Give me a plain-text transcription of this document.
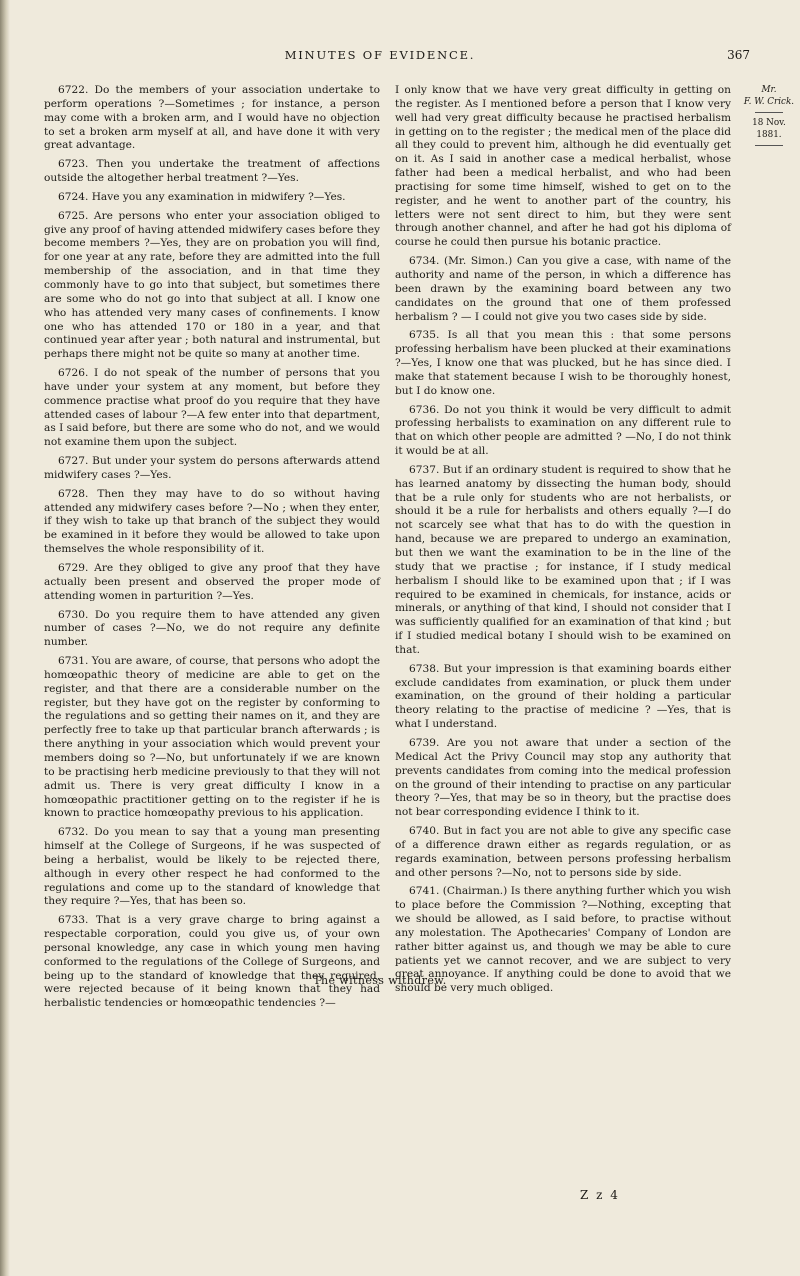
MINUTES OF EVIDENCE.	367

6722. Do the members of your association undertake to perform operations ?—Sometimes ; for instance, a person may come with a broken arm, and I would have no objection to set a broken arm myself at all, and have done it with very great advantage.

6723. Then you undertake the treatment of affections outside the altogether herbal treatment ?—Yes.

6724. Have you any examination in midwifery ?—Yes.

6725. Are persons who enter your association obliged to give any proof of having attended midwifery cases before they become members ?—Yes, they are on probation you will find, for one year at any rate, before they are admitted into the full membership of the association, and in that time they commonly have to go into that subject, but sometimes there are some who do not go into that subject at all. I know one who has attended very many cases of confinements. I know one who has attended 170 or 180 in a year, and that continued year after year ; both natural and instrumental, but perhaps there might not be quite so many at another time.

6726. I do not speak of the number of persons that you have under your system at any moment, but before they commence practise what proof do you require that they have attended cases of labour ?—A few enter into that department, as I said before, but there are some who do not, and we would not examine them upon the subject.

6727. But under your system do persons afterwards attend midwifery cases ?—Yes.

6728. Then they may have to do so without having attended any midwifery cases before ?—No ; when they enter, if they wish to take up that branch of the subject they would be examined in it before they would be allowed to take upon themselves the whole responsibility of it.

6729. Are they obliged to give any proof that they have actually been present and observed the proper mode of attending women in parturition ?—Yes.

6730. Do you require them to have attended any given number of cases ?—No, we do not require any definite number.

6731. You are aware, of course, that persons who adopt the homœopathic theory of medicine are able to get on the register, and that there are a considerable number on the register, but they have got on the register by conforming to the regulations and so getting their names on it, and they are perfectly free to take up that particular branch afterwards ; is there anything in your association which would prevent your members doing so ?—No, but unfortunately if we are known to be practising herb medicine previously to that they will not admit us. There is very great difficulty I know in a homœopathic practitioner getting on to the register if he is known to practice homœopathy previous to his application.

6732. Do you mean to say that a young man presenting himself at the College of Surgeons, if he was suspected of being a herbalist, would be likely to be rejected there, although in every other respect he had conformed to the regulations and come up to the standard of knowledge that they require ?—Yes, that has been so.

6733. That is a very grave charge to bring against a respectable corporation, could you give us, of your own personal knowledge, any case in which young men having conformed to the regulations of the College of Surgeons, and being up to the standard of knowledge that they required, were rejected because of it being known that they had herbalistic tendencies or homœopathic tendencies ?—

I only know that we have very great difficulty in getting on the register. As I mentioned before a person that I know very well had very great difficulty because he practised herbalism in getting on to the register ; the medical men of the place did all they could to prevent him, although he did eventually get on it. As I said in another case a medical herbalist, whose father had been a medical herbalist, and who had been practising for some time himself, wished to get on to the register, and he went to another part of the country, his letters were not sent direct to him, but they were sent through another channel, and after he had got his diploma of course he could then pursue his botanic practice.

6734. (Mr. Simon.) Can you give a case, with name of the authority and name of the person, in which a difference has been drawn by the examining board between any two candidates on the ground that one of them professed herbalism ? — I could not give you two cases side by side.

6735. Is all that you mean this : that some persons professing herbalism have been plucked at their examinations ?—Yes, I know one that was plucked, but he has since died. I make that statement because I wish to be thoroughly honest, but I do know one.

6736. Do not you think it would be very difficult to admit professing herbalists to examination on any different rule to that on which other people are admitted ? —No, I do not think it would be at all.

6737. But if an ordinary student is required to show that he has learned anatomy by dissecting the human body, should that be a rule only for students who are not herbalists, or should it be a rule for herbalists and others equally ?—I do not scarcely see what that has to do with the question in hand, because we are prepared to undergo an examination, but then we want the examination to be in the line of the study that we practise ; for instance, if I study medical herbalism I should like to be examined upon that ; if I was required to be examined in chemicals, for instance, acids or minerals, or anything of that kind, I should not consider that I was sufficiently qualified for an examination of that kind ; but if I studied medical botany I should wish to be examined on that.

6738. But your impression is that examining boards either exclude candidates from examination, or pluck them under examination, on the ground of their holding a particular theory relating to the practise of medicine ? —Yes, that is what I understand.

6739. Are you not aware that under a section of the Medical Act the Privy Council may stop any authority that prevents candidates from coming into the medical profession on the ground of their intending to practise on any particular theory ?—Yes, that may be so in theory, but the practise does not bear corresponding evidence I think to it.

6740. But in fact you are not able to give any specific case of a difference drawn either as regards regulation, or as regards examination, between persons professing herbalism and other persons ?—No, not to persons side by side.

6741. (Chairman.) Is there anything further which you wish to place before the Commission ?—Nothing, excepting that we should be allowed, as I said before, to practise without any molestation. The Apothecaries' Company of London are rather bitter against us, and though we may be able to cure patients yet we cannot recover, and we are subject to very great annoyance. If anything could be done to avoid that we should be very much obliged.

Mr.
F. W. Crick.
18 Nov. 1881.
The witness withdrew.
Z z 4
